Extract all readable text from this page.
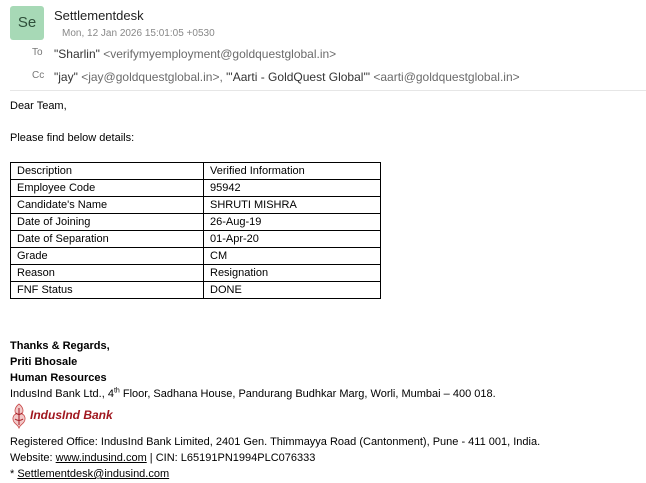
Se	Settlementdesk
Mon, 12 Jan 2026 15:01:05 +0530
To "Sharlin" <verifymyemployment@goldquestglobal.in>
Cc "jay" <jay@goldquestglobal.in>, "'Aarti - GoldQuest Global'" <aarti@goldquestglobal.in>
Dear Team,
Please find below details:
Description	Verified Information
Employee Code	95942
Candidate's Name	SHRUTI MISHRA
Date of Joining	26-Aug-19
Date of Separation	01-Apr-20
Grade	CM
Reason	Resignation
FNF Status	DONE
Thanks & Regards,
Priti Bhosale
Human Resources
IndusInd Bank Ltd., 4th Floor, Sadhana House, Pandurang Budhkar Marg, Worli, Mumbai – 400 018.
IndusInd Bank
Registered Office: IndusInd Bank Limited, 2401 Gen. Thimmayya Road (Cantonment), Pune - 411 001, India.
Website: www.indusind.com | CIN: L65191PN1994PLC076333
* Settlementdesk@indusind.com
